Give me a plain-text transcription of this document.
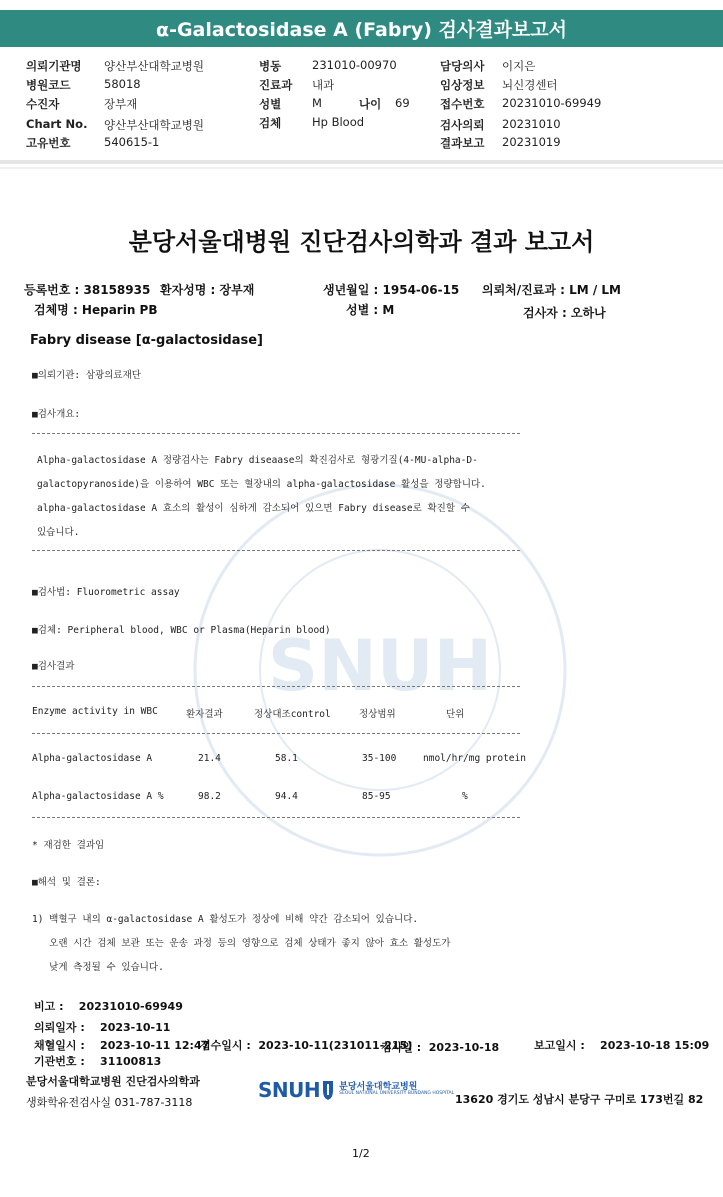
α-Galactosidase A (Fabry) 검사결과보고서
의뢰기관명 양산부산대학교병원
병원코드	58018
수진자	장부재
Chart No. 양산부산대학교병원
고유번호	540615-1
병동	231010-00970
진료과 내과
성별	M	나이 69
검체	Hp Blood
담당의사 이지은
임상정보 뇌신경센터
접수번호 20231010-69949
검사의뢰 20231010
결과보고 20231019
SNUH
분당서울대병원 진단검사의학과 결과 보고서
등록번호 : 38158935 환자성명 : 장부재	생년월일 : 1954-06-15 의뢰처/진료과 : LM / LM
검체명 : Heparin PB	성별 : M	검사자 : 오하나
Fabry disease [α-galactosidase]
■의뢰기관: 삼광의료재단
■검사개요:
Alpha-galactosidase A 정량검사는 Fabry diseaase의 확진검사로 형광기질(4-MU-alpha-D-
galactopyranoside)을 이용하여 WBC 또는 혈장내의 alpha-galactosidase 활성을 정량합니다.
alpha-galactosidase A 효소의 활성이 심하게 감소되어 있으면 Fabry disease로 확진할 수
있습니다.
■검사법: Fluorometric assay
■검체: Peripheral blood, WBC or Plasma(Heparin blood)
■검사결과
Enzyme activity in WBC	환자결과	정상대조control	정상범위	단위
Alpha-galactosidase A	21.4	58.1	35-100	nmol/hr/mg protein
Alpha-galactosidase A %	98.2	94.4	85-95	%
* 재검한 결과임
■해석 및 결론:
1) 백혈구 내의 α-galactosidase A 활성도가 정상에 비해 약간 감소되어 있습니다.
오랜 시간 검체 보관 또는 운송 과정 등의 영향으로 검체 상태가 좋지 않아 효소 활성도가
낮게 측정될 수 있습니다.
비고 :    20231010-69949
의뢰일자 :    2023-10-11
채혈일시 :    2023-10-11 12:47
접수일시 :  2023-10-11(231011-215)
검사일 :  2023-10-18	보고일시 :    2023-10-18 15:09
기관번호 :    31100813
분당서울대학교병원 진단검사의학과
생화학유전검사실 031-787-3118
SNUH 분당서울대학교병원
SEOUL NATIONAL UNIVERSITY BUNDANG HOSPITAL 13620 경기도 성남시 분당구 구미로 173번길 82
1/2
